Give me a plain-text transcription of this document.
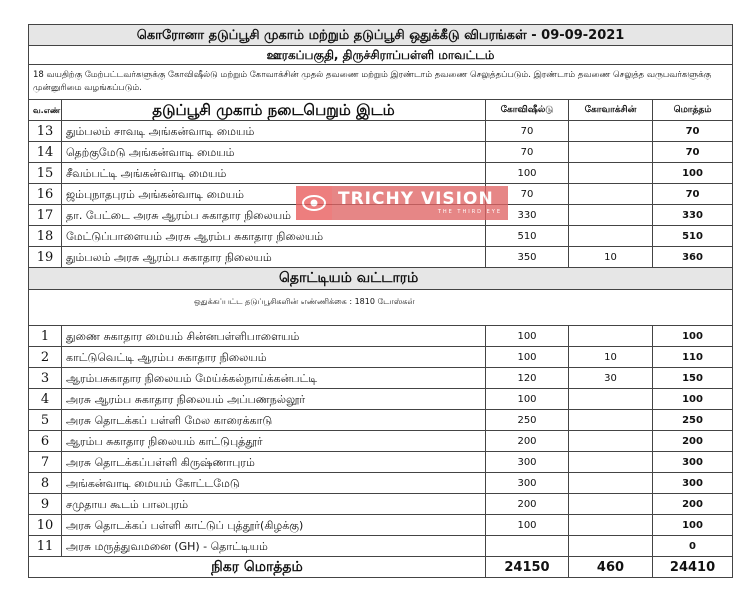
கொரோனா தடுப்பூசி முகாம் மற்றும் தடுப்பூசி ஒதுக்கீடு விபரங்கள் - 09-09-2021				
ஊரகப்பகுதி, திருச்சிராப்பள்ளி மாவட்டம்				
18 வயதிற்கு மேற்பட்டவர்களுக்கு கோவிஷீல்டு மற்றும் கோவாக்சின் முதல் தவணை மற்றும் இரண்டாம் தவணை செலுத்தப்படும். இரண்டாம் தவணை செலுத்த வருபவர்களுக்கு முன்னுரிமை வழங்கப்படும்.				
வ.எண்	தடுப்பூசி முகாம் நடைபெறும் இடம்	கோவிஷீல்டு	கோவாக்சின்	மொத்தம்
13	தும்பலம் சாவடி அங்கன்வாடி மையம்	70		70
14	தெற்குமேடு அங்கன்வாடி மையம்	70		70
15	சீவம்பட்டி அங்கன்வாடி மையம்	100		100
16	ஜம்புநாதபுரம் அங்கன்வாடி மையம்	70		70
17	தா. பேட்டை அரசு ஆரம்ப சுகாதார நிலையம்	330		330
18	மேட்டுப்பாளையம் அரசு ஆரம்ப சுகாதார நிலையம்	510		510
19	தும்பலம் அரசு ஆரம்ப சுகாதார நிலையம்	350	10	360
தொட்டியம் வட்டாரம்				
ஒதுக்கப்பட்ட தடுப்பூசிகளின் எண்ணிக்கை : 1810 டோஸ்கள்				

1	துணை சுகாதார மையம் சின்னபள்ளிபாளையம்	100		100
2	காட்டுவெட்டி ஆரம்ப சுகாதார நிலையம்	100	10	110
3	ஆரம்பசுகாதார நிலையம் மேய்க்கல்நாய்க்கன்பட்டி	120	30	150
4	அரசு ஆரம்ப சுகாதார நிலையம் அப்பணநல்லூர்	100		100
5	அரசு தொடக்கப் பள்ளி மேல காரைக்காடு	250		250
6	ஆரம்ப சுகாதார நிலையம் காட்டுபுத்தூர்	200		200
7	அரசு தொடக்கப்பள்ளி கிருஷ்ணாபுரம்	300		300
8	அங்கன்வாடி மையம் கோட்டமேடு	300		300
9	சமுதாய கூடம் பாலபுரம்	200		200
10	அரசு தொடக்கப் பள்ளி காட்டுப் புத்தூர்(கிழக்கு)	100		100
11	அரசு மருத்துவமனை (GH) - தொட்டியம்			0
நிகர மொத்தம்		24150	460	24410
TRICHY VISION
THE THIRD EYE
